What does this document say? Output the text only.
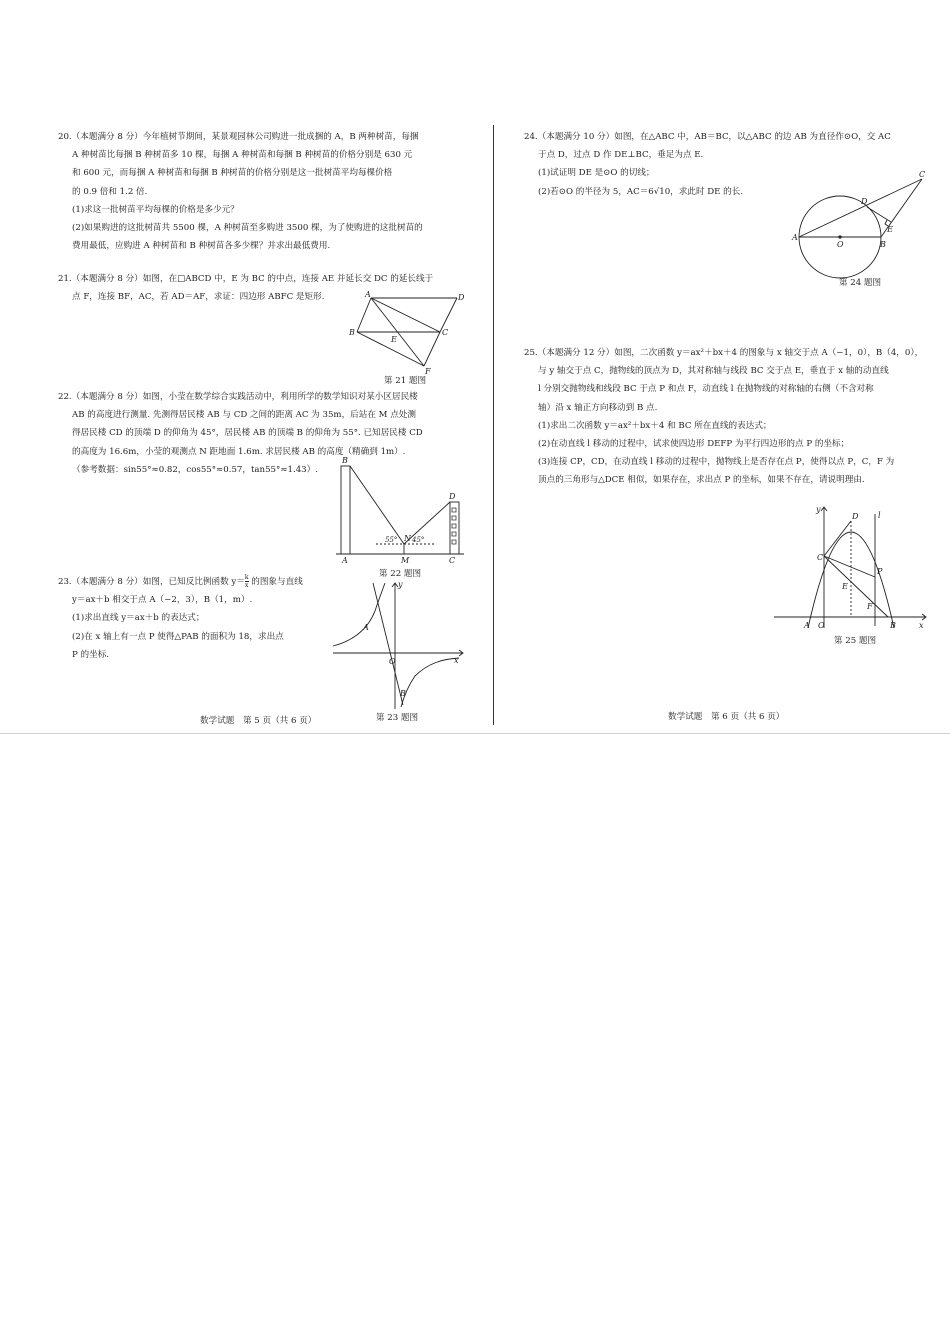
20.（本题满分 8 分）今年植树节期间，某景观园林公司购进一批成捆的 A，B 两种树苗，每捆

A 种树苗比每捆 B 种树苗多 10 棵，每捆 A 种树苗和每捆 B 种树苗的价格分别是 630 元

和 600 元，而每捆 A 种树苗和每捆 B 种树苗的价格分别是这一批树苗平均每棵价格

的 0.9 倍和 1.2 倍.

(1)求这一批树苗平均每棵的价格是多少元？

(2)如果购进的这批树苗共 5500 棵，A 种树苗至多购进 3500 棵，为了使购进的这批树苗的

费用最低，应购进 A 种树苗和 B 种树苗各多少棵？并求出最低费用.

21.（本题满分 8 分）如图，在□ABCD 中，E 为 BC 的中点，连接 AE 并延长交 DC 的延长线于

点 F，连接 BF，AC，若 AD＝AF，求证：四边形 ABFC 是矩形.	A	D
B	C
E
F
第 21 题图

22.（本题满分 8 分）如图，小莹在数学综合实践活动中，利用所学的数学知识对某小区居民楼

AB 的高度进行测量. 先测得居民楼 AB 与 CD 之间的距离 AC 为 35m，后站在 M 点处测

得居民楼 CD 的顶端 D 的仰角为 45°，居民楼 AB 的顶端 B 的仰角为 55°. 已知居民楼 CD

的高度为 16.6m，小莹的观测点 N 距地面 1.6m. 求居民楼 AB 的高度（精确到 1m）.

（参考数据：sin55°≈0.82，cos55°≈0.57，tan55°≈1.43）.

B
A
D
C
M
N
55° 45°
第 22 题图

23.（本题满分 8 分）如图，已知反比例函数 $y= \frac{k}{x}$ 的图象与直线

y＝ax＋b 相交于点 A（−2，3），B（1，m）.

(1)求出直线 y＝ax＋b 的表达式；

(2)在 x 轴上有一点 P 使得△PAB 的面积为 18，求出点

P 的坐标.

y
x
O
A
B
第 23 题图
数学试题　第 5 页（共 6 页）

24.（本题满分 10 分）如图，在△ABC 中，AB＝BC，以△ABC 的边 AB 为直径作⊙O，交 AC

于点 D，过点 D 作 DE⊥BC，垂足为点 E.

(1)试证明 DE 是⊙O 的切线；

(2)若⊙O 的半径为 5，AC＝6√10，求此时 DE 的长.

A
O	B
C
D
E
第 24 题图

25.（本题满分 12 分）如图，二次函数 y＝ax²＋bx＋4 的图象与 x 轴交于点 A（−1，0），B（4，0），

与 y 轴交于点 C，抛物线的顶点为 D，其对称轴与线段 BC 交于点 E，垂直于 x 轴的动直线

l 分别交抛物线和线段 BC 于点 P 和点 F，动直线 l 在抛物线的对称轴的右侧（不含对称

轴）沿 x 轴正方向移动到 B 点.

(1)求出二次函数 y＝ax²＋bx＋4 和 BC 所在直线的表达式；

(2)在动直线 l 移动的过程中，试求使四边形 DEFP 为平行四边形的点 P 的坐标；

(3)连接 CP，CD，在动直线 l 移动的过程中，抛物线上是否存在点 P，使得以点 P，C，F 为

顶点的三角形与△DCE 相似，如果存在，求出点 P 的坐标，如果不存在，请说明理由.

y
x
O
A	B
C
D
E
F
P
l
第 25 题图
数学试题　第 6 页（共 6 页）
